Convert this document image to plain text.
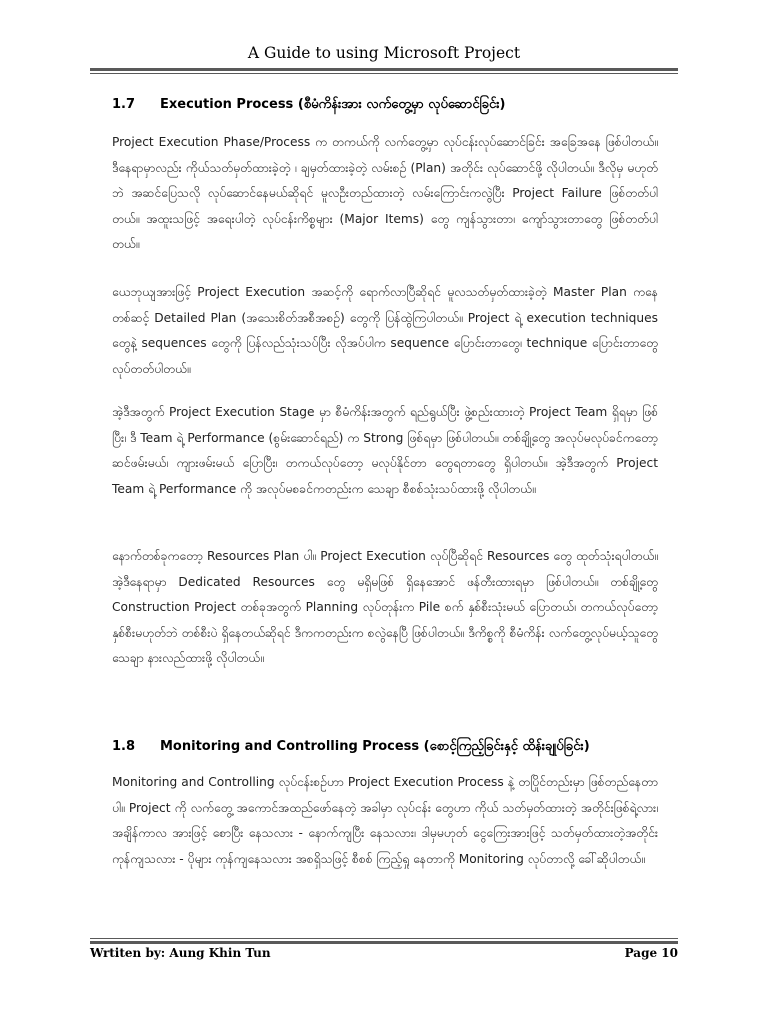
A Guide to using Microsoft Project
1.7 Execution Process (စီမံကိန်းအား လက်တွေ့မှာ လုပ်ဆောင်ခြင်း)

Project Execution Phase/Process က တကယ်ကို လက်တွေ့မှာ လုပ်ငန်းလုပ်ဆောင်ခြင်း အခြေအနေ ဖြစ်ပါတယ်။ ဒီနေရာမှာလည်း ကိုယ်သတ်မှတ်ထားခဲ့တဲ့ ၊ ချမှတ်ထားခဲ့တဲ့ လမ်းစဉ် (Plan) အတိုင်း လုပ်ဆောင်ဖို့ လိုပါတယ်။ ဒီလိုမှ မဟုတ်ဘဲ အဆင်ပြေသလို လုပ်ဆောင်နေမယ်ဆိုရင် မူလဦးတည်ထားတဲ့ လမ်းကြောင်းကလွဲပြီး Project Failure ဖြစ်တတ်ပါတယ်။ အထူးသဖြင့် အရေးပါတဲ့ လုပ်ငန်းကိစ္စများ (Major Items) တွေ ကျန်သွားတာ၊ ကျော်သွားတာတွေ ဖြစ်တတ်ပါတယ်။

ယေဘုယျအားဖြင့် Project Execution အဆင့်ကို ရောက်လာပြီဆိုရင် မူလသတ်မှတ်ထားခဲ့တဲ့ Master Plan ကနေတစ်ဆင့် Detailed Plan (အသေးစိတ်အစီအစဉ်) တွေကို ပြန်ထွဲကြပါတယ်။ Project ရဲ့ execution techniques တွေနဲ့ sequences တွေကို ပြန်လည်သုံးသပ်ပြီး လိုအပ်ပါက sequence ပြောင်းတာတွေ၊ technique ပြောင်းတာတွေ လုပ်တတ်ပါတယ်။

အဲ့ဒီအတွက် Project Execution Stage မှာ စီမံကိန်းအတွက် ရည်ရွယ်ပြီး ဖွဲ့စည်းထားတဲ့ Project Team ရှိရမှာ ဖြစ်ပြီး၊ ဒီ Team ရဲ့ Performance (စွမ်းဆောင်ရည်) က Strong ဖြစ်ရမှာ ဖြစ်ပါတယ်။ တစ်ချို့တွေ အလုပ်မလုပ်ခင်ကတော့ ဆင်ဖမ်းမယ်၊ ကျားဖမ်းမယ် ပြောပြီး၊ တကယ်လုပ်တော့ မလုပ်နိုင်တာ တွေရတာတွေ ရှိပါတယ်။ အဲ့ဒီအတွက် Project Team ရဲ့ Performance ကို အလုပ်မစခင်ကတည်းက သေချာ စီစစ်သုံးသပ်ထားဖို့ လိုပါတယ်။

နောက်တစ်ခုကတော့ Resources Plan ပါ။ Project Execution လုပ်ပြီဆိုရင် Resources တွေ ထုတ်သုံးရပါတယ်။ အဲ့ဒီနေရာမှာ Dedicated Resources တွေ မရှိမဖြစ် ရှိနေအောင် ဖန်တီးထားရမှာ ဖြစ်ပါတယ်။ တစ်ချို့တွေ Construction Project တစ်ခုအတွက် Planning လုပ်တုန်းက Pile စက် နှစ်စီးသုံးမယ် ပြောတယ်၊ တကယ်လုပ်တော့ နှစ်စီးမဟုတ်ဘဲ တစ်စီးပဲ ရှိနေတယ်ဆိုရင် ဒီကကတည်းက စလွဲနေပြီ ဖြစ်ပါတယ်။ ဒီကိစ္စကို စီမံကိန်း လက်တွေ့လုပ်မယ့်သူတွေ သေချာ နားလည်ထားဖို့ လိုပါတယ်။

1.8 Monitoring and Controlling Process (စောင့်ကြည့်ခြင်းနှင့် ထိန်းချုပ်ခြင်း)

Monitoring and Controlling လုပ်ငန်းစဉ်ဟာ Project Execution Process နဲ့ တပြိုင်တည်းမှာ ဖြစ်တည်နေတာပါ။ Project ကို လက်တွေ့ အကောင်အထည်ဖော်နေတဲ့ အခါမှာ လုပ်ငန်း တွေဟာ ကိုယ် သတ်မှတ်ထားတဲ့ အတိုင်းဖြစ်ရဲ့လား၊ အချိန်ကာလ အားဖြင့် စောပြီး နေသလား - နောက်ကျပြီး နေသလား၊ ဒါမှမဟုတ် ငွေကြေးအားဖြင့် သတ်မှတ်ထားတဲ့အတိုင်း ကုန်ကျသလား - ပိုများ ကုန်ကျနေသလား အစရှိသဖြင့် စီစစ် ကြည့်ရှု နေတာကို Monitoring လုပ်တာလို့ ခေါ်ဆိုပါတယ်။

Wrtiten by: Aung Khin Tun	Page 10
